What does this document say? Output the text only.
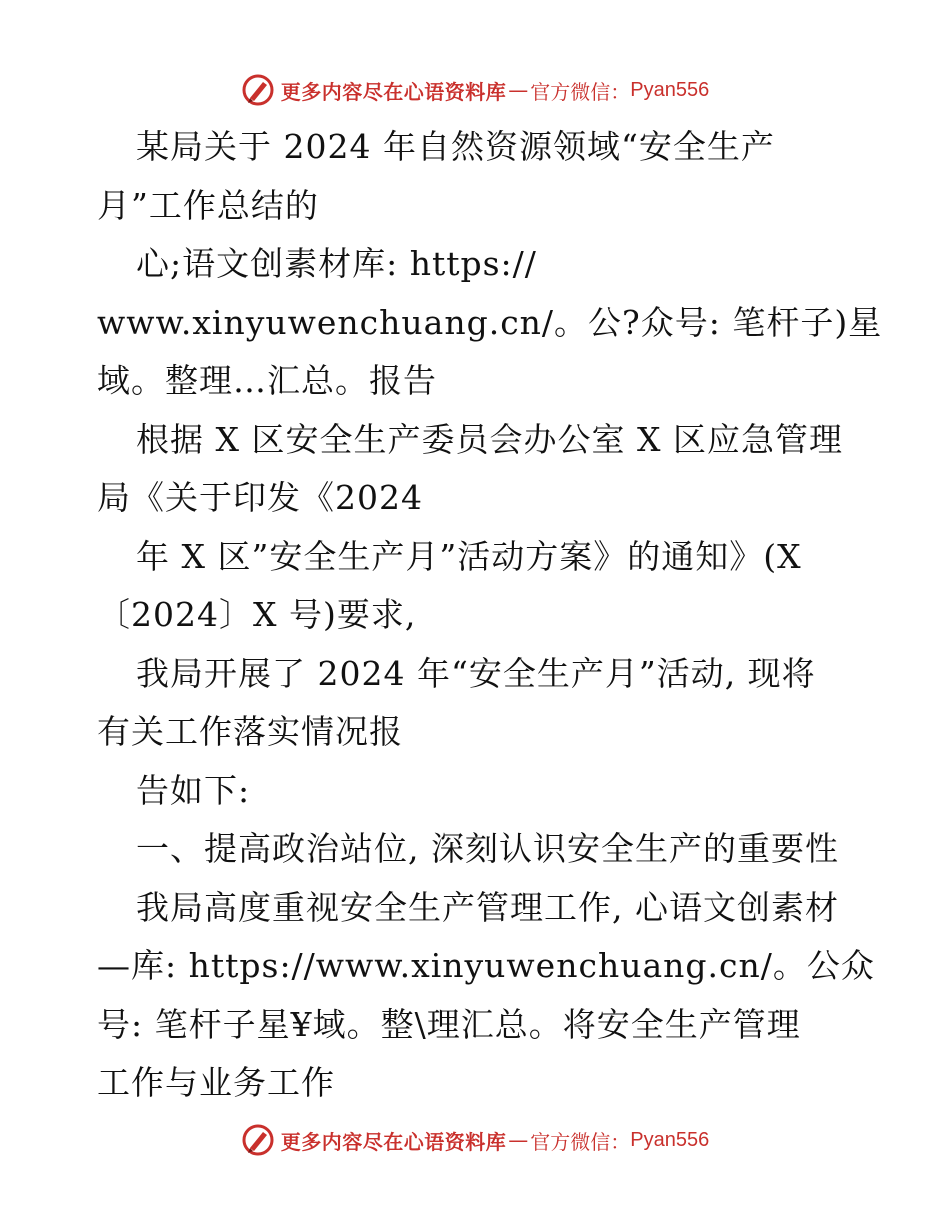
更多内容尽在心语资料库 — 官方微信： Pyan556
某局关于 2024 年自然资源领域“安全生产
月”工作总结的
心;语文创素材库: https://
www.xinyuwenchuang.cn/。公?众号: 笔杆子)星
域。整理…汇总。报告
根据 X 区安全生产委员会办公室 X 区应急管理
局《关于印发《2024
年 X 区”安全生产月”活动方案》的通知》(X
〔2024〕X 号)要求,
我局开展了 2024 年“安全生产月”活动, 现将
有关工作落实情况报
告如下:
一、提高政治站位, 深刻认识安全生产的重要性
我局高度重视安全生产管理工作, 心语文创素材
—库: https://www.xinyuwenchuang.cn/。公众
号: 笔杆子星¥域。整\理汇总。将安全生产管理
工作与业务工作
更多内容尽在心语资料库 — 官方微信： Pyan556
